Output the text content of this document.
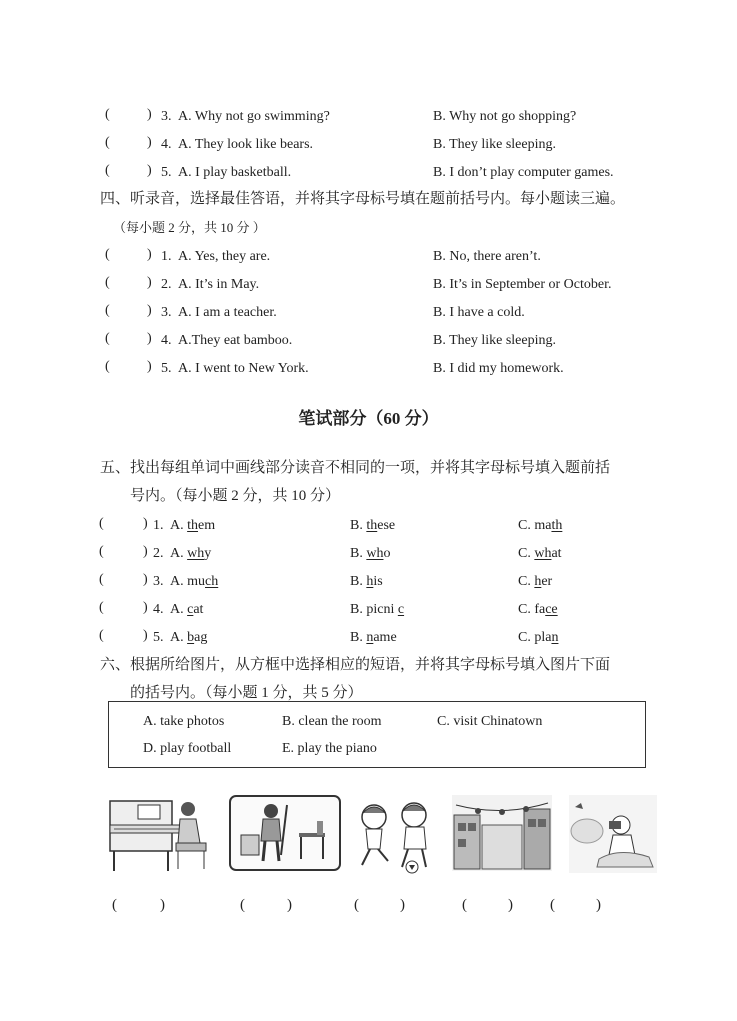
(	) 3. A. Why not go swimming?	B. Why not go shopping?
(	) 4. A. They look like bears.	B. They like sleeping.
(	) 5. A. I play basketball.	B. I don’t play computer games.
四、听录音，选择最佳答语，并将其字母标号填在题前括号内。每小题读三遍。
（每小题 2 分，共 10 分 ）
(	) 1. A. Yes, they are.	B. No, there aren’t.
(	) 2. A. It’s in May.	B. It’s in September or October.
(	) 3. A. I am a teacher.	B. I have a cold.
(	) 4. A.They eat bamboo.	B. They like sleeping.
(	) 5. A. I went to New York.	B. I did my homework.
笔试部分（60 分）
五、找出每组单词中画线部分读音不相同的一项，并将其字母标号填入题前括
号内。（每小题 2 分，共 10 分）
(	) 1. A. them	B. these	C. math
(	) 2. A. why	B. who	C. what
(	) 3. A. much	B. his	C. her
(	) 4. A. cat	B. picni c	C. face
(	) 5. A. bag	B. name	C. plan
六、根据所给图片，从方框中选择相应的短语，并将其字母标号填入图片下面
的括号内。（每小题 1 分，共 5 分）
A. take photos	B. clean the room	C. visit Chinatown
D. play football	E. play the piano
(	)	(	)	(	)	(	) (	)
